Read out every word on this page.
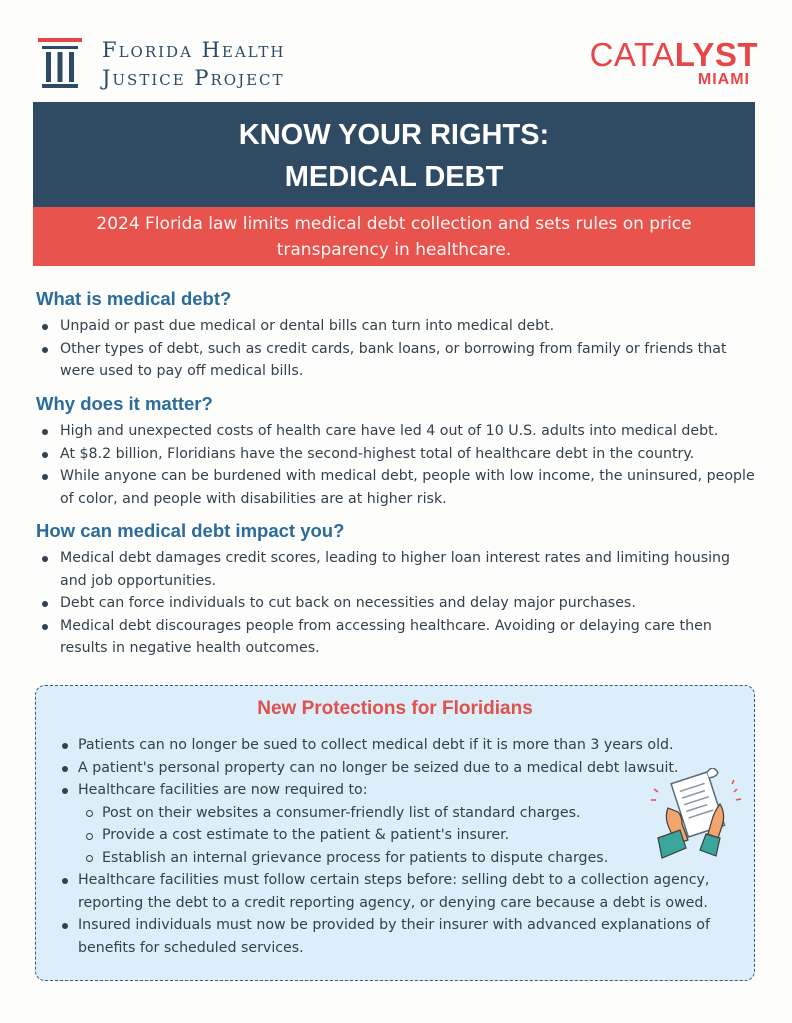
Florida Health
Justice Project
CATALYST
MIAMI
KNOW YOUR RIGHTS:
MEDICAL DEBT
2024 Florida law limits medical debt collection and sets rules on price transparency in healthcare.
What is medical debt?
Unpaid or past due medical or dental bills can turn into medical debt.
Other types of debt, such as credit cards, bank loans, or borrowing from family or friends that were used to pay off medical bills.
Why does it matter?
High and unexpected costs of health care have led 4 out of 10 U.S. adults into medical debt.
At $8.2 billion, Floridians have the second-highest total of healthcare debt in the country.
While anyone can be burdened with medical debt, people with low income, the uninsured, people of color, and people with disabilities are at higher risk.
How can medical debt impact you?
Medical debt damages credit scores, leading to higher loan interest rates and limiting housing and job opportunities.
Debt can force individuals to cut back on necessities and delay major purchases.
Medical debt discourages people from accessing healthcare. Avoiding or delaying care then results in negative health outcomes.
New Protections for Floridians
Patients can no longer be sued to collect medical debt if it is more than 3 years old.
A patient's personal property can no longer be seized due to a medical debt lawsuit.
Healthcare facilities are now required to:
Post on their websites a consumer-friendly list of standard charges.
Provide a cost estimate to the patient & patient's insurer.
Establish an internal grievance process for patients to dispute charges.
Healthcare facilities must follow certain steps before: selling debt to a collection agency, reporting the debt to a credit reporting agency, or denying care because a debt is owed.
Insured individuals must now be provided by their insurer with advanced explanations of benefits for scheduled services.
